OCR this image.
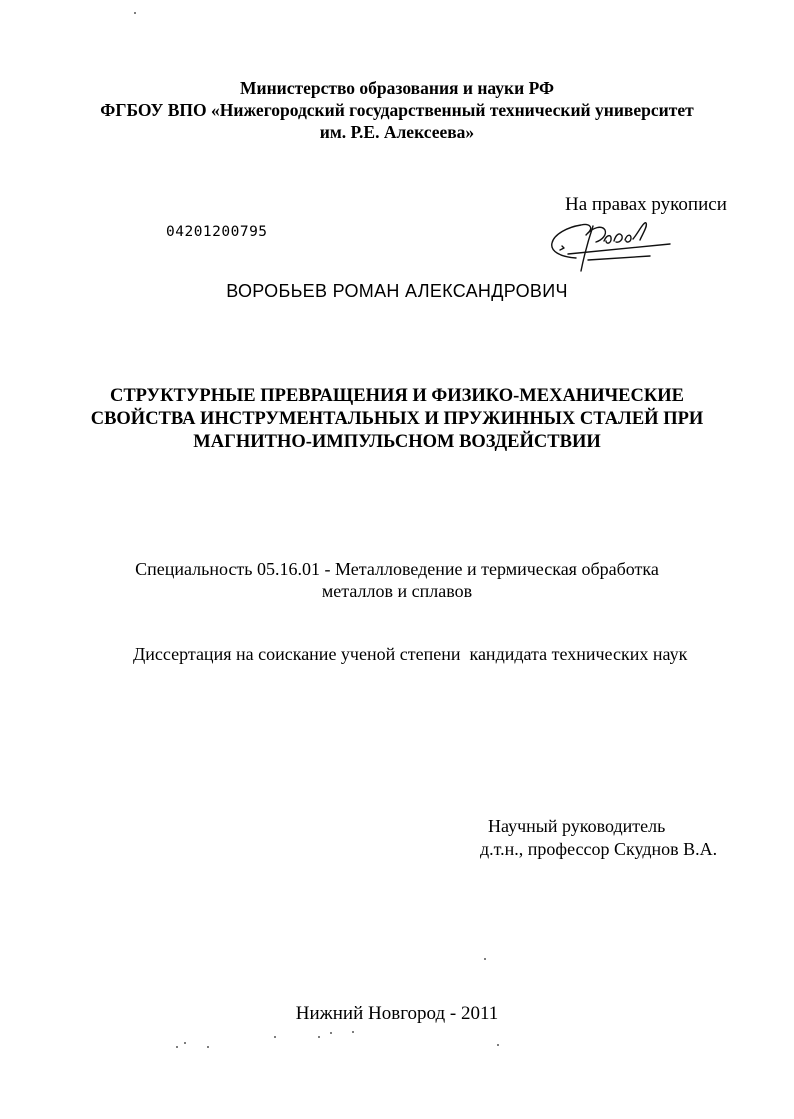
Министерство образования и науки РФ
ФГБОУ ВПО «Нижегородский государственный технический университет
им. Р.Е. Алексеева»
На правах рукописи
04201200795
ВОРОБЬЕВ РОМАН АЛЕКСАНДРОВИЧ
СТРУКТУРНЫЕ ПРЕВРАЩЕНИЯ И ФИЗИКО-МЕХАНИЧЕСКИЕ
СВОЙСТВА ИНСТРУМЕНТАЛЬНЫХ И ПРУЖИННЫХ СТАЛЕЙ ПРИ
МАГНИТНО-ИМПУЛЬСНОМ ВОЗДЕЙСТВИИ
Специальность 05.16.01 - Металловедение и термическая обработка
металлов и сплавов
Диссертация на соискание ученой степени  кандидата технических наук
Научный руководитель
д.т.н., профессор Скуднов В.А.
Нижний Новгород - 2011
